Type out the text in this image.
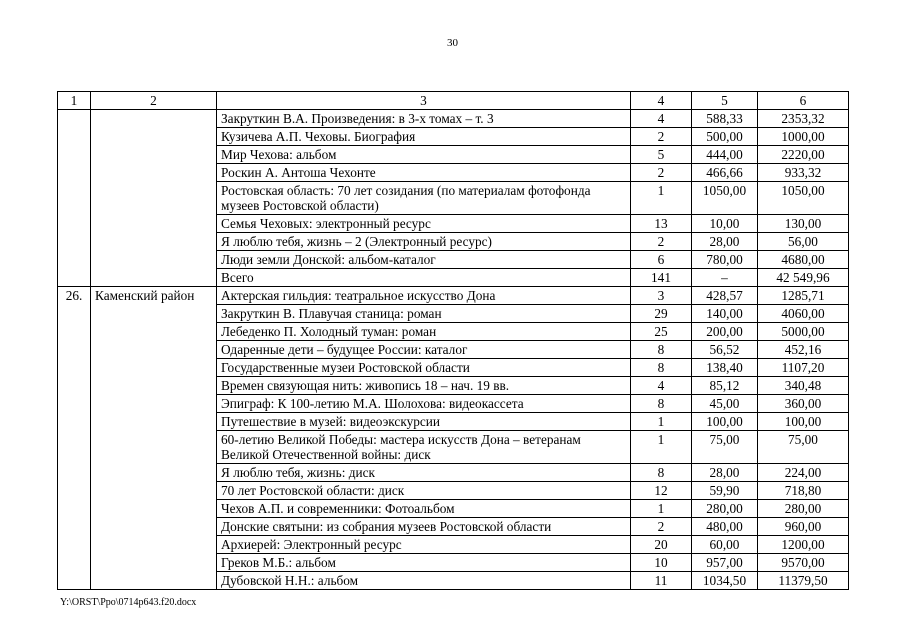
30
1	2	3	4	5	6
		Закруткин В.А. Произведения: в 3-х томах – т. 3	4	588,33	2353,32
		Кузичева А.П. Чеховы. Биография	2	500,00	1000,00
		Мир Чехова: альбом	5	444,00	2220,00
		Роскин А. Антоша Чехонте	2	466,66	933,32
		Ростовская область: 70 лет созидания (по материалам фотофонда музеев Ростовской области)	1	1050,00	1050,00
		Семья Чеховых: электронный ресурс	13	10,00	130,00
		Я люблю тебя, жизнь – 2 (Электронный ресурс)	2	28,00	56,00
		Люди земли Донской: альбом-каталог	6	780,00	4680,00
		Всего	141	–	42 549,96
26.	Каменский район	Актерская гильдия: театральное искусство Дона	3	428,57	1285,71
		Закруткин В. Плавучая станица: роман	29	140,00	4060,00
		Лебеденко П. Холодный туман: роман	25	200,00	5000,00
		Одаренные дети – будущее России: каталог	8	56,52	452,16
		Государственные музеи Ростовской области	8	138,40	1107,20
		Времен связующая нить: живопись 18 – нач. 19 вв.	4	85,12	340,48
		Эпиграф: К 100-летию М.А. Шолохова: видеокассета	8	45,00	360,00
		Путешествие в музей: видеоэкскурсии	1	100,00	100,00
		60-летию Великой Победы: мастера искусств Дона – ветеранам Великой Отечественной войны: диск	1	75,00	75,00
		Я люблю тебя, жизнь: диск	8	28,00	224,00
		70 лет Ростовской области: диск	12	59,90	718,80
		Чехов А.П. и современники: Фотоальбом	1	280,00	280,00
		Донские святыни: из собрания музеев Ростовской области	2	480,00	960,00
		Архиерей: Электронный ресурс	20	60,00	1200,00
		Греков М.Б.: альбом	10	957,00	9570,00
		Дубовской Н.Н.: альбом	11	1034,50	11379,50
Y:\ORST\Ppo\0714p643.f20.docx
